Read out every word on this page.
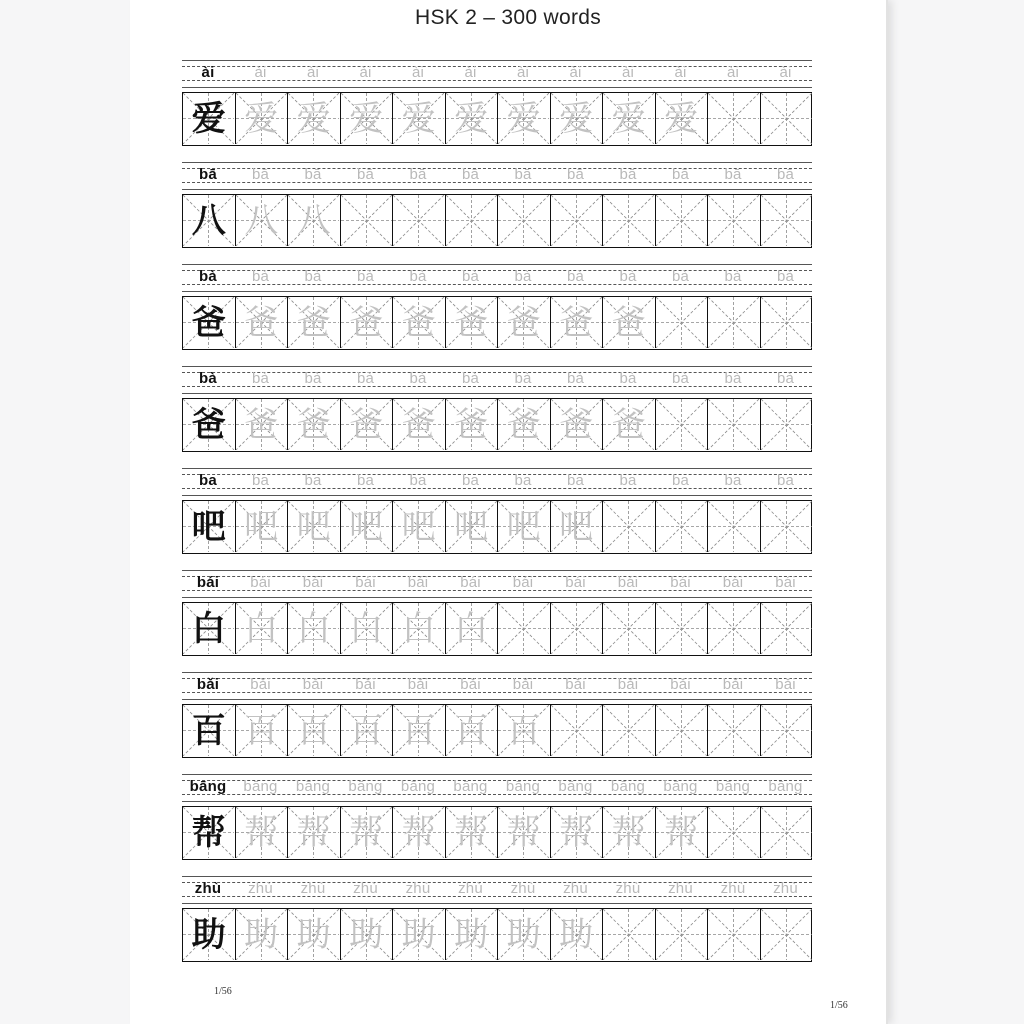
HSK 2 – 300 words
ài	ài	ài	ài	ài	ài	ài	ài	ài	ài	ài	ài
爱 爱 爱 爱 爱 爱 爱 爱 爱 爱
bā	bā	bā	bā	bā	bā	bā	bā	bā	bā	bā	bā
八 八 八
bà	bà	bà	bà	bà	bà	bà	bà	bà	bà	bà	bà
爸 爸 爸 爸 爸 爸 爸 爸 爸
bà	bà	bà	bà	bà	bà	bà	bà	bà	bà	bà	bà
爸 爸 爸 爸 爸 爸 爸 爸 爸
ba	ba	ba	ba	ba	ba	ba	ba	ba	ba	ba	ba
吧 吧 吧 吧 吧 吧 吧 吧
bái	bái	bái	bái	bái	bái	bái	bái	bái	bái	bái	bái
白 白 白 白 白 白
bǎi	bǎi	bǎi	bǎi	bǎi	bǎi	bǎi	bǎi	bǎi	bǎi	bǎi	bǎi
百 百 百 百 百 百 百
bāng	bāng	bāng	bāng	bāng	bāng	bāng	bāng	bāng	bāng	bāng	bāng
帮 帮 帮 帮 帮 帮 帮 帮 帮 帮
zhù	zhù	zhù	zhù	zhù	zhù	zhù	zhù	zhù	zhù	zhù	zhù
助 助 助 助 助 助 助 助
1/56
1/56
